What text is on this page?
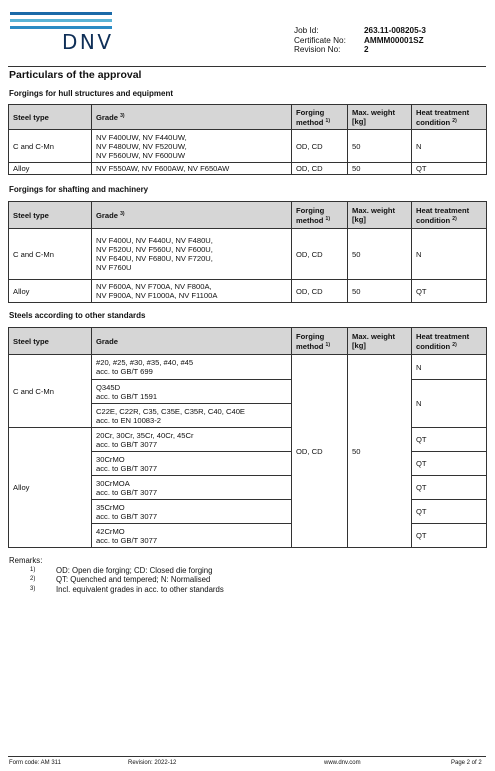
DNV	Job Id:	263.11-008205-3
Certificate No:	AMMM00001SZ
Revision No:	2
Particulars of the approval
Forgings for hull structures and equipment
Steel type	Grade $^{3)}$	Forging method $^{1)}$	Max. weight [kg]	Heat treatment condition $^{2)}$
C and C-Mn	NV F400UW, NV F440UW,
NV F480UW, NV F520UW,
NV F560UW, NV F600UW	OD, CD	50	N
Alloy	NV F550AW, NV F600AW, NV F650AW	OD, CD	50	QT
Forgings for shafting and machinery
Steel type	Grade $^{3)}$	Forging method $^{1)}$	Max. weight [kg]	Heat treatment condition $^{2)}$
C and C-Mn	NV F400U, NV F440U, NV F480U,
NV F520U, NV F560U, NV F600U,
NV F640U, NV F680U, NV F720U,
NV F760U	OD, CD	50	N
Alloy	NV F600A, NV F700A, NV F800A,
NV F900A, NV F1000A, NV F1100A	OD, CD	50	QT
Steels according to other standards
Steel type	Grade	Forging method $^{1)}$	Max. weight [kg]	Heat treatment condition $^{2)}$
C and C-Mn	#20, #25, #30, #35, #40, #45
acc. to GB/T 699	OD, CD	50	N

	Q345D
acc. to GB/T 1591			N

	C22E, C22R, C35, C35E, C35R, C40, C40E
acc. to EN 10083-2			

Alloy	20Cr, 30Cr, 35Cr, 40Cr, 45Cr
acc. to GB/T 3077			QT

	30CrMO
acc. to GB/T 3077			QT

	30CrMOA
acc. to GB/T 3077			QT

	35CrMO
acc. to GB/T 3077			QT

	42CrMO
acc. to GB/T 3077			QT
Remarks:
1)	OD: Open die forging; CD: Closed die forging
2)	QT: Quenched and tempered; N: Normalised
3)	Incl. equivalent grades in acc. to other standards
Form code: AM 311	Revision: 2022-12	www.dnv.com	Page 2 of 2
